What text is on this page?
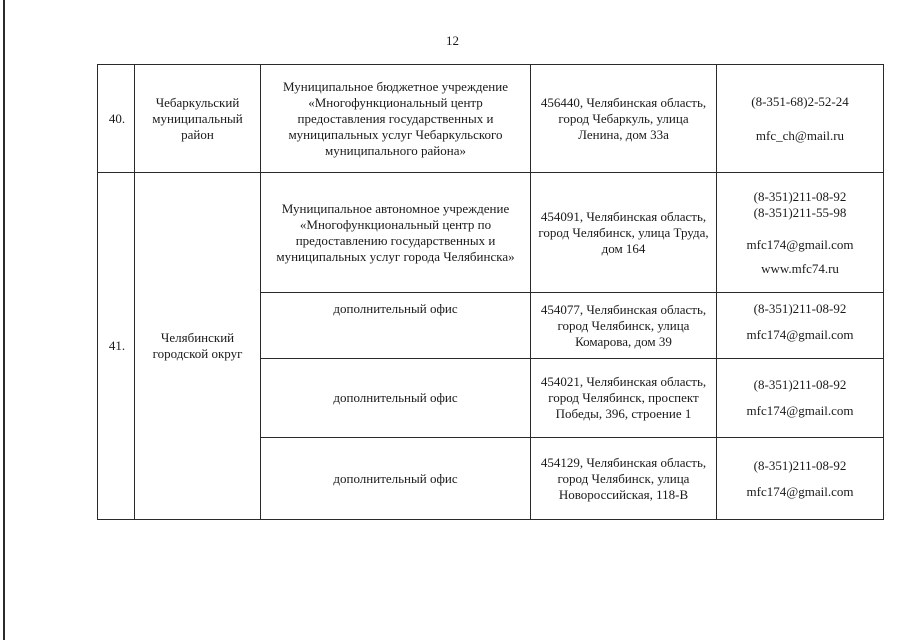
12
40.	Чебаркульский муниципальный район	Муниципальное бюджетное учреждение «Многофункциональный центр предоставления государственных и муниципальных услуг Чебаркульского муниципального района»	456440, Челябинская область, город Чебаркуль, улица Ленина, дом 33а	(8-351-68)2-52-24

mfc_ch@mail.ru

41.	Челябинский городской округ	Муниципальное автономное учреждение «Многофункциональный центр по предоставлению государственных и муниципальных услуг города Челябинска»	454091, Челябинская область, город Челябинск, улица Труда, дом 164	(8-351)211-08-92

(8-351)211-55-98

mfc174@gmail.com

www.mfc74.ru

		дополнительный офис	454077, Челябинская область, город Челябинск, улица Комарова, дом 39	(8-351)211-08-92

mfc174@gmail.com

		дополнительный офис	454021, Челябинская область, город Челябинск, проспект Победы, 396, строение 1	(8-351)211-08-92

mfc174@gmail.com

		дополнительный офис	454129, Челябинская область, город Челябинск, улица Новороссийская, 118-В	(8-351)211-08-92

mfc174@gmail.com
